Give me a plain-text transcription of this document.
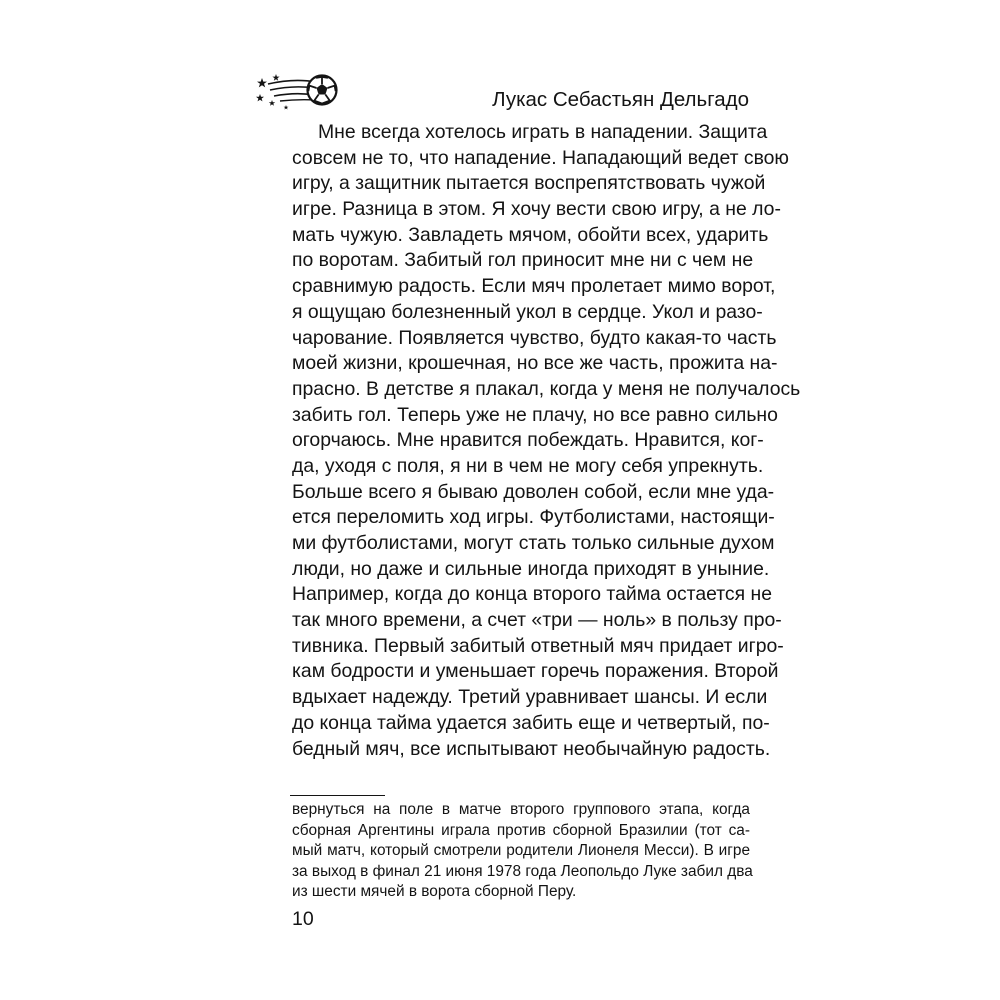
Лукас Себастьян Дельгадо
Мне всегда хотелось играть в нападении. Защита
совсем не то, что нападение. Нападающий ведет свою
игру, а защитник пытается воспрепятствовать чужой
игре. Разница в этом. Я хочу вести свою игру, а не ло-
мать чужую. Завладеть мячом, обойти всех, ударить
по воротам. Забитый гол приносит мне ни с чем не
сравнимую радость. Если мяч пролетает мимо ворот,
я ощущаю болезненный укол в сердце. Укол и разо-
чарование. Появляется чувство, будто какая-то часть
моей жизни, крошечная, но все же часть, прожита на-
прасно. В детстве я плакал, когда у меня не получалось
забить гол. Теперь уже не плачу, но все равно сильно
огорчаюсь. Мне нравится побеждать. Нравится, ког-
да, уходя с поля, я ни в чем не могу себя упрекнуть.
Больше всего я бываю доволен собой, если мне уда-
ется переломить ход игры. Футболистами, настоящи-
ми футболистами, могут стать только сильные духом
люди, но даже и сильные иногда приходят в уныние.
Например, когда до конца второго тайма остается не
так много времени, а счет «три — ноль» в пользу про-
тивника. Первый забитый ответный мяч придает игро-
кам бодрости и уменьшает горечь поражения. Второй
вдыхает надежду. Третий уравнивает шансы. И если
до конца тайма удается забить еще и четвертый, по-
бедный мяч, все испытывают необычайную радость.
вернуться на поле в матче второго группового этапа, когда
сборная Аргентины играла против сборной Бразилии (тот са-
мый матч, который смотрели родители Лионеля Месси). В игре
за выход в финал 21 июня 1978 года Леопольдо Луке забил два
из шести мячей в ворота сборной Перу.
10
